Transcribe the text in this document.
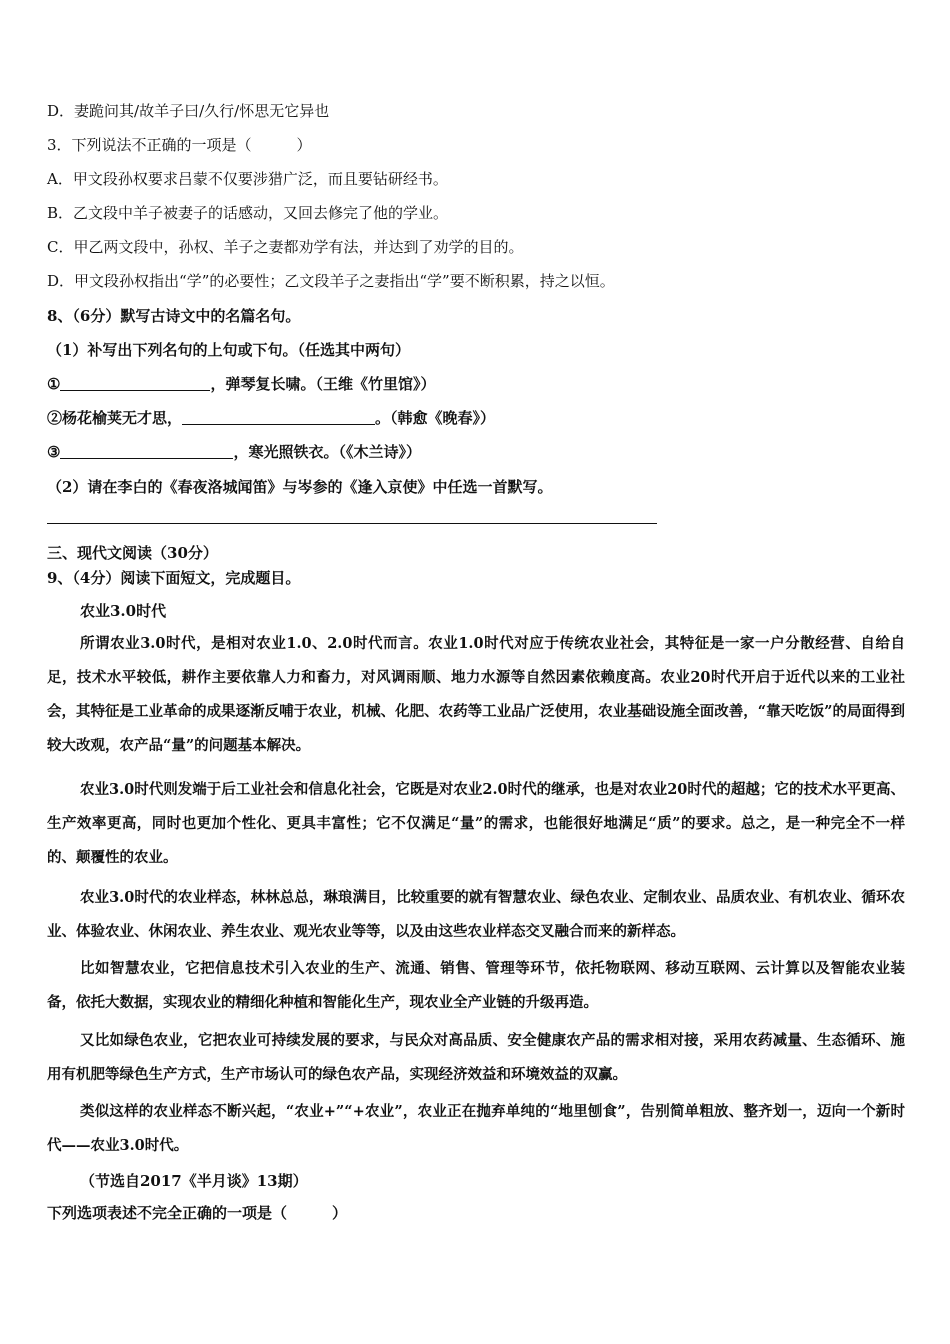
D．妻跪问其/故羊子曰/久行/怀思无它异也
3．下列说法不正确的一项是（　　　）
A．甲文段孙权要求吕蒙不仅要涉猎广泛，而且要钻研经书。
B．乙文段中羊子被妻子的话感动，又回去修完了他的学业。
C．甲乙两文段中，孙权、羊子之妻都劝学有法，并达到了劝学的目的。
D．甲文段孙权指出“学”的必要性；乙文段羊子之妻指出“学”要不断积累，持之以恒。
8、（6分）默写古诗文中的名篇名句。
（1）补写出下列名句的上句或下句。（任选其中两句）
①	，弹琴复长啸。（王维《竹里馆》）
②杨花榆荚无才思，	。（韩愈《晚春》）
③	，寒光照铁衣。（《木兰诗》）
（2）请在李白的《春夜洛城闻笛》与岑参的《逢入京使》中任选一首默写。
三、现代文阅读（30分）
9、（4分）阅读下面短文，完成题目。
农业3.0时代
所谓农业3.0时代，是相对农业1.0、2.0时代而言。农业1.0时代对应于传统农业社会，其特征是一家一户分散经营、自给自足，技术水平较低，耕作主要依靠人力和畜力，对风调雨顺、地力水源等自然因素依赖度高。农业20时代开启于近代以来的工业社会，其特征是工业革命的成果逐渐反哺于农业，机械、化肥、农药等工业品广泛使用，农业基础设施全面改善，“靠天吃饭”的局面得到较大改观，农产品“量”的问题基本解决。
农业3.0时代则发端于后工业社会和信息化社会，它既是对农业2.0时代的继承，也是对农业20时代的超越；它的技术水平更高、生产效率更高，同时也更加个性化、更具丰富性；它不仅满足“量”的需求，也能很好地满足“质”的要求。总之，是一种完全不一样的、颠覆性的农业。
农业3.0时代的农业样态，林林总总，琳琅满目，比较重要的就有智慧农业、绿色农业、定制农业、品质农业、有机农业、循环农业、体验农业、休闲农业、养生农业、观光农业等等，以及由这些农业样态交叉融合而来的新样态。
比如智慧农业，它把信息技术引入农业的生产、流通、销售、管理等环节，依托物联网、移动互联网、云计算以及智能农业装备，依托大数据，实现农业的精细化种植和智能化生产，现农业全产业链的升级再造。
又比如绿色农业，它把农业可持续发展的要求，与民众对高品质、安全健康农产品的需求相对接，采用农药减量、生态循环、施用有机肥等绿色生产方式，生产市场认可的绿色农产品，实现经济效益和环境效益的双赢。
类似这样的农业样态不断兴起，“农业+”“+农业”，农业正在抛弃单纯的“地里刨食”，告别简单粗放、整齐划一，迈向一个新时代——农业3.0时代。
（节选自2017《半月谈》13期）
下列选项表述不完全正确的一项是（　　　）
